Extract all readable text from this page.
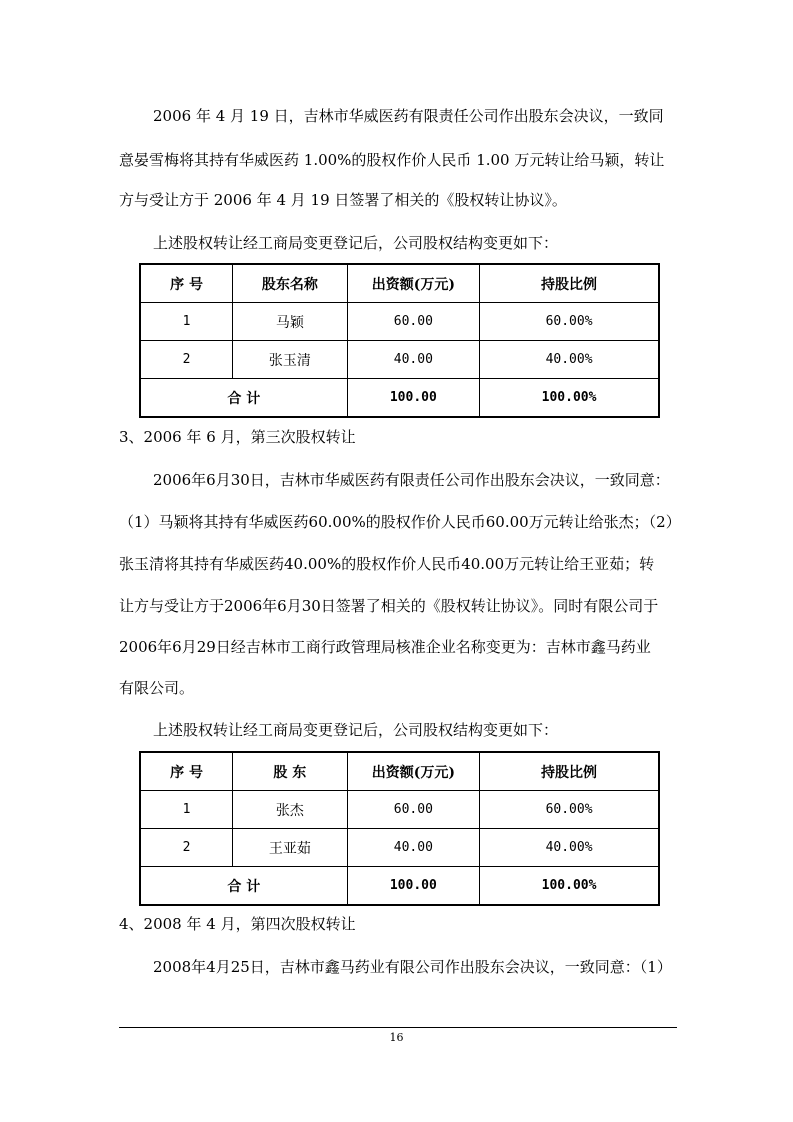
2006 年 4 月 19 日，吉林市华威医药有限责任公司作出股东会决议，一致同
意晏雪梅将其持有华威医药 1.00%的股权作价人民币 1.00 万元转让给马颖，转让
方与受让方于 2006 年 4 月 19 日签署了相关的《股权转让协议》。
上述股权转让经工商局变更登记后，公司股权结构变更如下：
序 号	股东名称	出资额(万元)	持股比例
1	马颖	60.00	60.00%
2	张玉清	40.00	40.00%
合 计		100.00	100.00%
3、2006 年 6 月，第三次股权转让
2006年6月30日，吉林市华威医药有限责任公司作出股东会决议，一致同意：
（1）马颖将其持有华威医药60.00%的股权作价人民币60.00万元转让给张杰；（2）
张玉清将其持有华威医药40.00%的股权作价人民币40.00万元转让给王亚茹；转
让方与受让方于2006年6月30日签署了相关的《股权转让协议》。同时有限公司于
2006年6月29日经吉林市工商行政管理局核准企业名称变更为：吉林市鑫马药业
有限公司。
上述股权转让经工商局变更登记后，公司股权结构变更如下：
序 号	股 东	出资额(万元)	持股比例
1	张杰	60.00	60.00%
2	王亚茹	40.00	40.00%
合 计		100.00	100.00%
4、2008 年 4 月，第四次股权转让
2008年4月25日，吉林市鑫马药业有限公司作出股东会决议，一致同意：（1）
16
